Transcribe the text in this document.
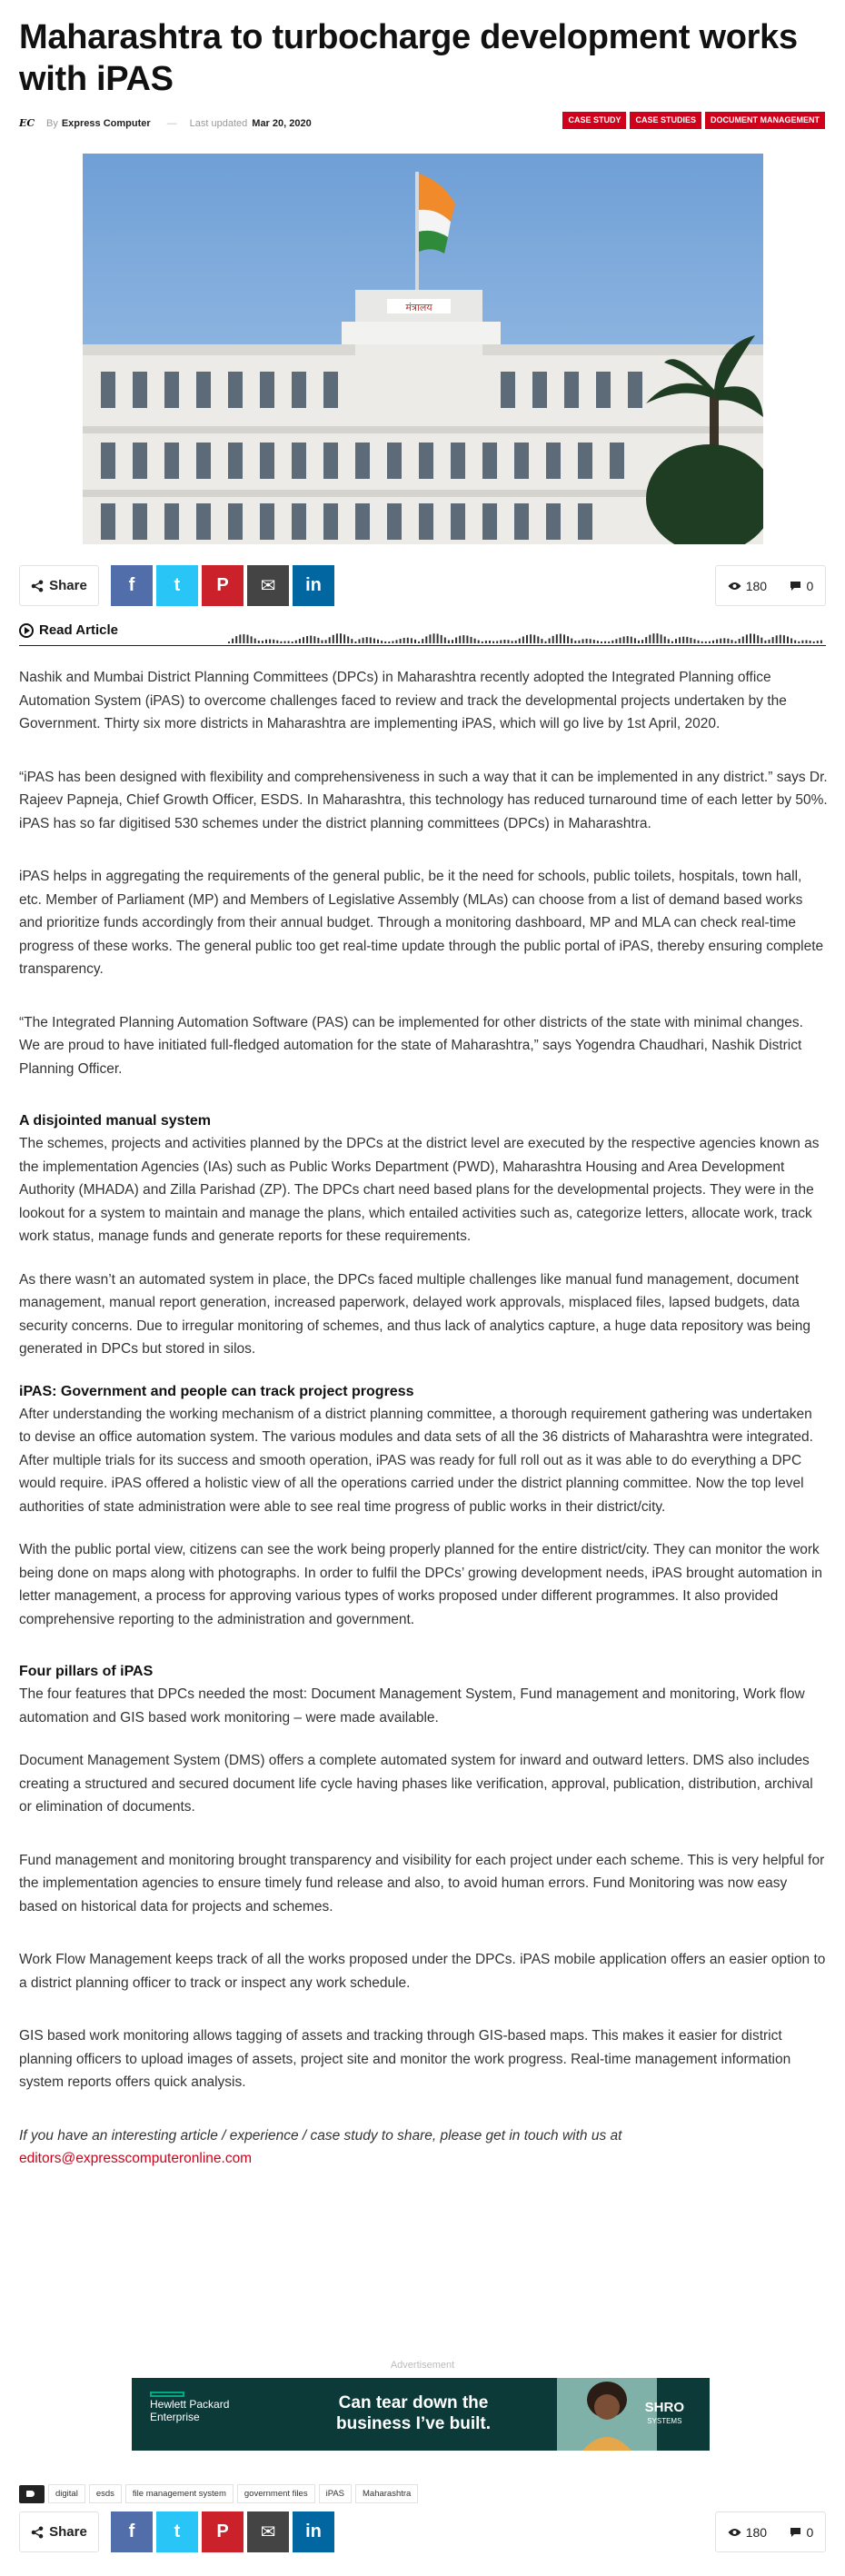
Maharashtra to turbocharge development works with iPAS
EC	By Express Computer — Last updated Mar 20, 2020	CASE STUDY	CASE STUDIES	DOCUMENT MANAGEMENT
मंत्रालय
Share f t P ✉ in	180	0
Read Article

Nashik and Mumbai District Planning Committees (DPCs) in Maharashtra recently adopted the Integrated Planning office Automation System (iPAS) to overcome challenges faced to review and track the developmental projects undertaken by the Government. Thirty six more districts in Maharashtra are implementing iPAS, which will go live by 1st April, 2020.

“iPAS has been designed with flexibility and comprehensiveness in such a way that it can be implemented in any district.” says Dr. Rajeev Papneja, Chief Growth Officer, ESDS. In Maharashtra, this technology has reduced turnaround time of each letter by 50%. iPAS has so far digitised 530 schemes under the district planning committees (DPCs) in Maharashtra.

iPAS helps in aggregating the requirements of the general public, be it the need for schools, public toilets, hospitals, town hall, etc. Member of Parliament (MP) and Members of Legislative Assembly (MLAs) can choose from a list of demand based works and prioritize funds accordingly from their annual budget. Through a monitoring dashboard, MP and MLA can check real-time progress of these works. The general public too get real-time update through the public portal of iPAS, thereby ensuring complete transparency.

“The Integrated Planning Automation Software (PAS) can be implemented for other districts of the state with minimal changes. We are proud to have initiated full-fledged automation for the state of Maharashtra,” says Yogendra Chaudhari, Nashik District Planning Officer.

A disjointed manual system

The schemes, projects and activities planned by the DPCs at the district level are executed by the respective agencies known as the implementation Agencies (IAs) such as Public Works Department (PWD), Maharashtra Housing and Area Development Authority (MHADA) and Zilla Parishad (ZP). The DPCs chart need based plans for the developmental projects. They were in the lookout for a system to maintain and manage the plans, which entailed activities such as, categorize letters, allocate work, track work status, manage funds and generate reports for these requirements.

As there wasn’t an automated system in place, the DPCs faced multiple challenges like manual fund management, document management, manual report generation, increased paperwork, delayed work approvals, misplaced files, lapsed budgets, data security concerns. Due to irregular monitoring of schemes, and thus lack of analytics capture, a huge data repository was being generated in DPCs but stored in silos.

iPAS: Government and people can track project progress

After understanding the working mechanism of a district planning committee, a thorough requirement gathering was undertaken to devise an office automation system. The various modules and data sets of all the 36 districts of Maharashtra were integrated. After multiple trials for its success and smooth operation, iPAS was ready for full roll out as it was able to do everything a DPC would require. iPAS offered a holistic view of all the operations carried under the district planning committee. Now the top level authorities of state administration were able to see real time progress of public works in their district/city.

With the public portal view, citizens can see the work being properly planned for the entire district/city. They can monitor the work being done on maps along with photographs. In order to fulfil the DPCs’ growing development needs, iPAS brought automation in letter management, a process for approving various types of works proposed under different programmes. It also provided comprehensive reporting to the administration and government.

Four pillars of iPAS

The four features that DPCs needed the most: Document Management System, Fund management and monitoring, Work flow automation and GIS based work monitoring – were made available.

Document Management System (DMS) offers a complete automated system for inward and outward letters. DMS also includes creating a structured and secured document life cycle having phases like verification, approval, publication, distribution, archival or elimination of documents.

Fund management and monitoring brought transparency and visibility for each project under each scheme. This is very helpful for the implementation agencies to ensure timely fund release and also, to avoid human errors. Fund Monitoring was now easy based on historical data for projects and schemes.

Work Flow Management keeps track of all the works proposed under the DPCs. iPAS mobile application offers an easier option to a district planning officer to track or inspect any work schedule.

GIS based work monitoring allows tagging of assets and tracking through GIS-based maps. This makes it easier for district planning officers to upload images of assets, project site and monitor the work progress. Real-time management information system reports offers quick analysis.

If you have an interesting article / experience / case study to share, please get in touch with us at
editors@expresscomputeronline.com

Advertisement
Hewlett Packard Enterprise
Can tear down the business I’ve built.
SHRO
SYSTEMS
digital	esds	file management system	government files	iPAS	Maharashtra
Share f t P ✉ in	180	0
